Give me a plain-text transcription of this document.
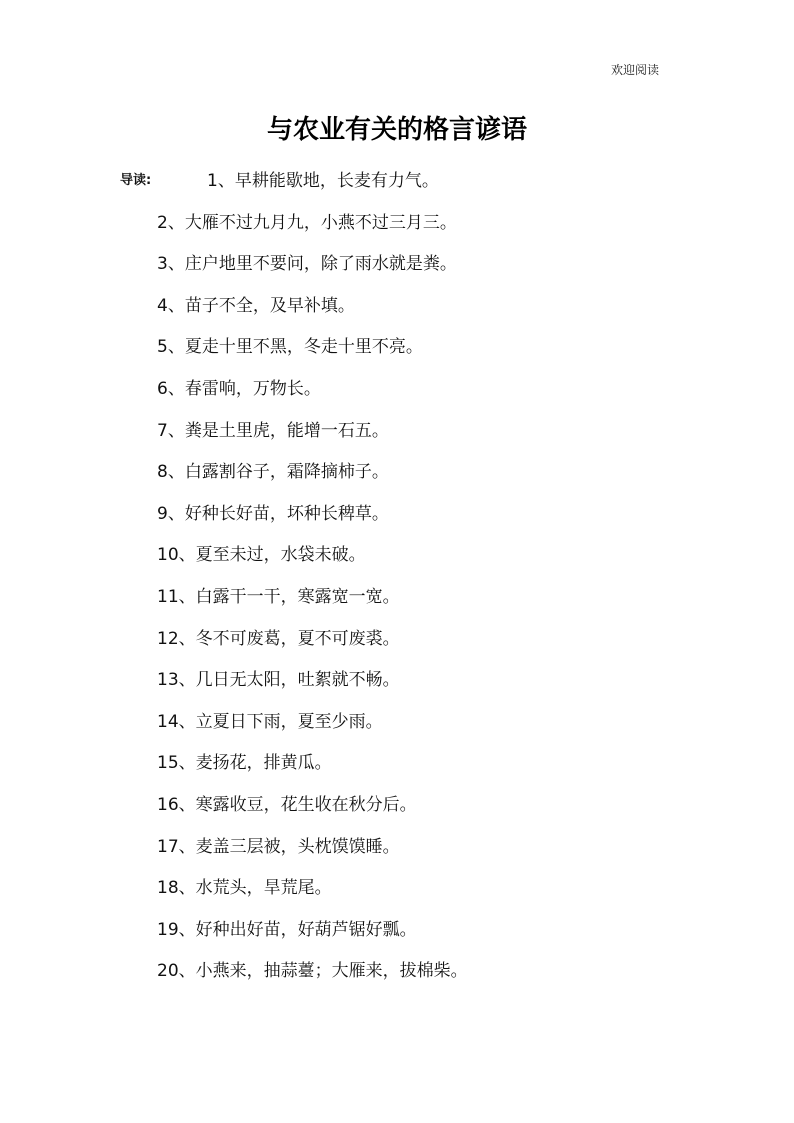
欢迎阅读
与农业有关的格言谚语
导读:	1、早耕能歇地，长麦有力气。
2、大雁不过九月九，小燕不过三月三。
3、庄户地里不要问，除了雨水就是粪。
4、苗子不全，及早补填。
5、夏走十里不黑，冬走十里不亮。
6、春雷响，万物长。
7、粪是土里虎，能增一石五。
8、白露割谷子，霜降摘柿子。
9、好种长好苗，坏种长稗草。
10、夏至未过，水袋未破。
11、白露干一干，寒露宽一宽。
12、冬不可废葛，夏不可废裘。
13、几日无太阳，吐絮就不畅。
14、立夏日下雨，夏至少雨。
15、麦扬花，排黄瓜。
16、寒露收豆，花生收在秋分后。
17、麦盖三层被，头枕馍馍睡。
18、水荒头，旱荒尾。
19、好种出好苗，好葫芦锯好瓢。
20、小燕来，抽蒜薹；大雁来，拔棉柴。
